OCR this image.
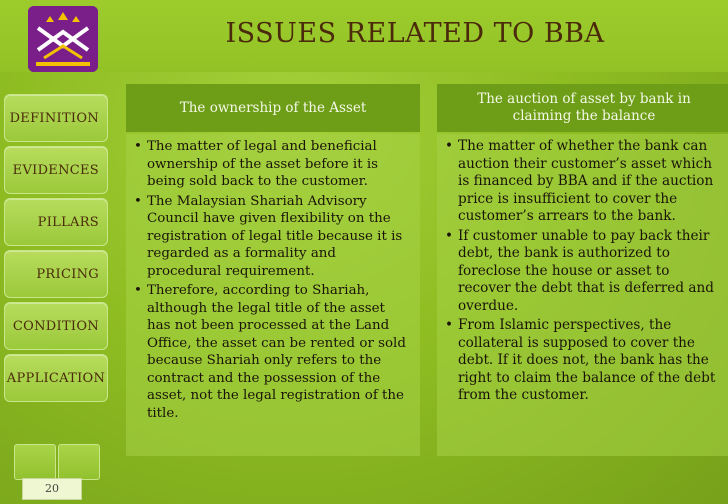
ISSUES RELATED TO BBA
DEFINITION
EVIDENCES
PILLARS
PRICING
CONDITION
APPLICATION
20
The ownership of the Asset
• The matter of legal and beneficial ownership of the asset before it is being sold back to the customer.
• The Malaysian Shariah Advisory Council have given flexibility on the registration of legal title because it is regarded as a formality and procedural requirement.
• Therefore, according to Shariah, although the legal title of the asset has not been processed at the Land Office, the asset can be rented or sold because Shariah only refers to the contract and the possession of the asset, not the legal registration of the title.
The auction of asset by bank in claiming the balance
• The matter of whether the bank can auction their customer’s asset which is financed by BBA and if the auction price is insufficient to cover the customer’s arrears to the bank.
• If customer unable to pay back their debt, the bank is authorized to foreclose the house or asset to recover the debt that is deferred and overdue.
• From Islamic perspectives, the collateral is supposed to cover the debt. If it does not, the bank has the right to claim the balance of the debt from the customer.
